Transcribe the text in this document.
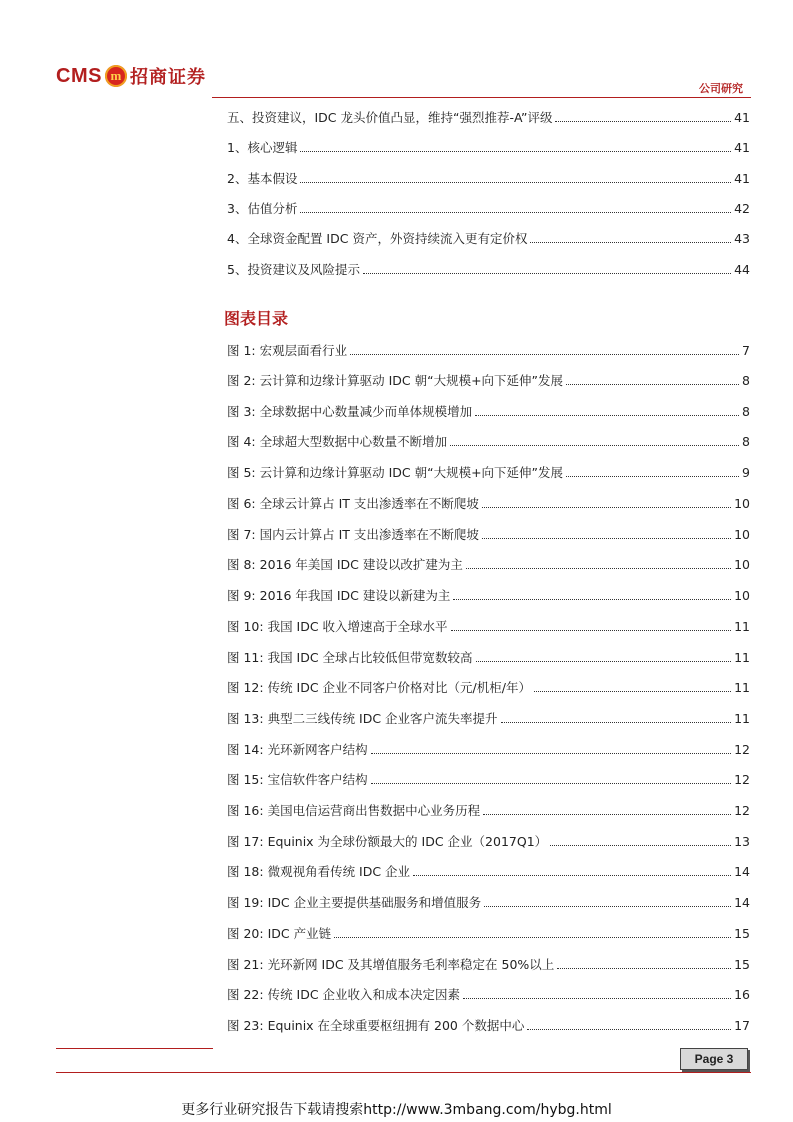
CMS m 招商证券
公司研究
五、投资建议，IDC 龙头价值凸显，维持“强烈推荐-A”评级	41
1、核心逻辑	41
2、基本假设	41
3、估值分析	42
4、全球资金配置 IDC 资产，外资持续流入更有定价权	43
5、投资建议及风险提示	44
图表目录
图 1: 宏观层面看行业	7
图 2: 云计算和边缘计算驱动 IDC 朝“大规模+向下延伸”发展	8
图 3: 全球数据中心数量减少而单体规模增加	8
图 4: 全球超大型数据中心数量不断增加	8
图 5: 云计算和边缘计算驱动 IDC 朝“大规模+向下延伸”发展	9
图 6: 全球云计算占 IT 支出渗透率在不断爬坡	10
图 7: 国内云计算占 IT 支出渗透率在不断爬坡	10
图 8: 2016 年美国 IDC 建设以改扩建为主	10
图 9: 2016 年我国 IDC 建设以新建为主	10
图 10: 我国 IDC 收入增速高于全球水平	11
图 11: 我国 IDC 全球占比较低但带宽数较高	11
图 12: 传统 IDC 企业不同客户价格对比（元/机柜/年）	11
图 13: 典型二三线传统 IDC 企业客户流失率提升	11
图 14: 光环新网客户结构	12
图 15: 宝信软件客户结构	12
图 16: 美国电信运营商出售数据中心业务历程	12
图 17: Equinix 为全球份额最大的 IDC 企业（2017Q1）	13
图 18: 微观视角看传统 IDC 企业	14
图 19: IDC 企业主要提供基础服务和增值服务	14
图 20: IDC 产业链	15
图 21: 光环新网 IDC 及其增值服务毛利率稳定在 50%以上	15
图 22: 传统 IDC 企业收入和成本决定因素	16
图 23: Equinix 在全球重要枢纽拥有 200 个数据中心	17
Page 3
更多行业研究报告下载请搜索http://www.3mbang.com/hybg.html
